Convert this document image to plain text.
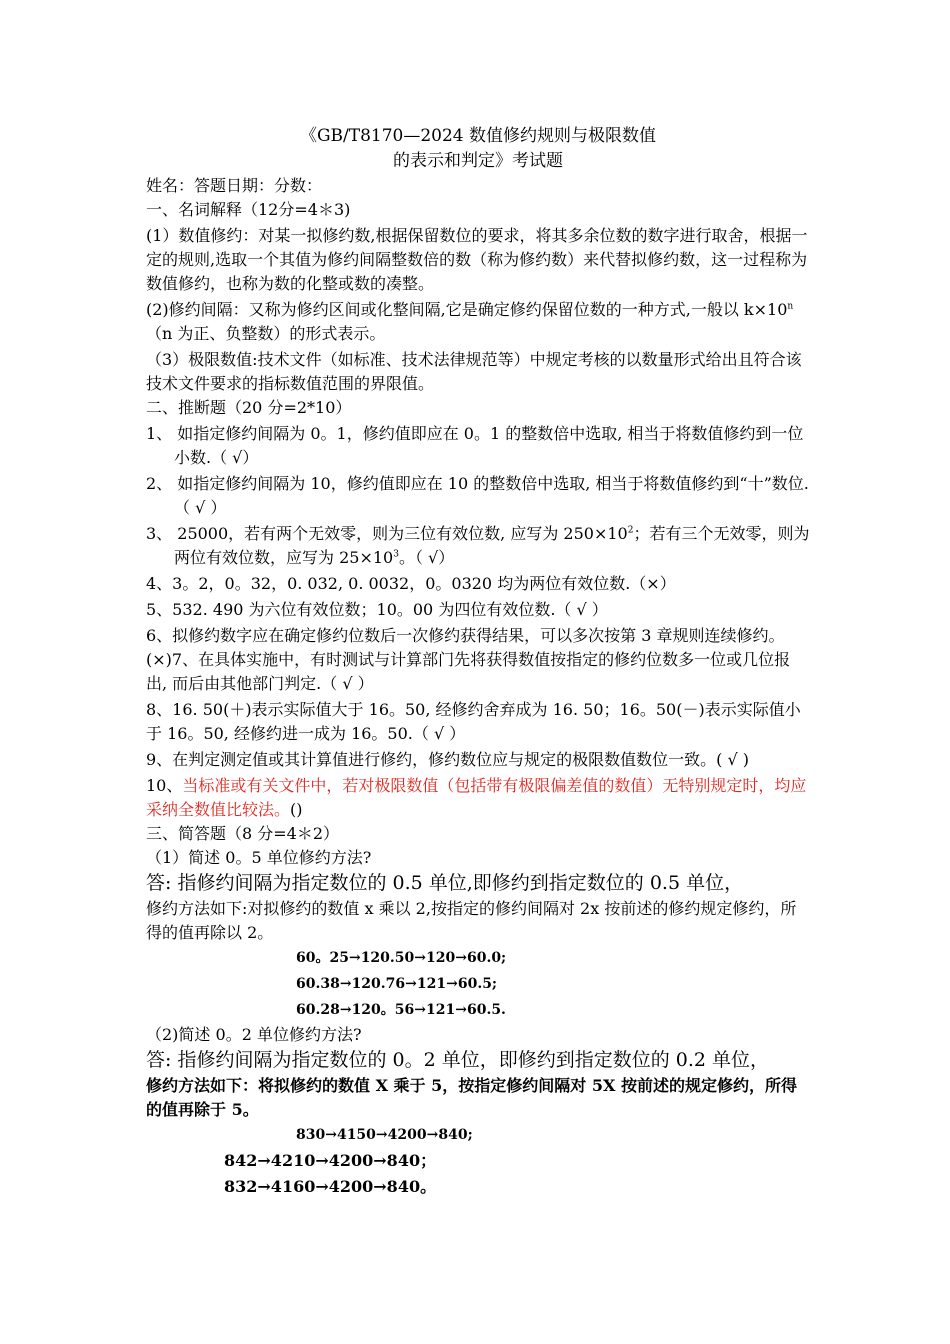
《GB/T8170—2024 数值修约规则与极限数值
的表示和判定》考试题

姓名：答题日期：分数：

一、名词解释（12分=4＊3)

(1）数值修约：对某一拟修约数,根据保留数位的要求，将其多余位数的数字进行取舍，根据一定的规则,选取一个其值为修约间隔整数倍的数（称为修约数）来代替拟修约数，这一过程称为数值修约，也称为数的化整或数的凑整。

(2)修约间隔：又称为修约区间或化整间隔,它是确定修约保留位数的一种方式,一般以 $k\times 10^n(n$ 为正、负整数）的形式表示。

（3）极限数值:技术文件（如标准、技术法律规范等）中规定考核的以数量形式给出且符合该技术文件要求的指标数值范围的界限值。

二、推断题（20 分=2*10）

1、 如指定修约间隔为 0。1，修约值即应在 0。1 的整数倍中选取, 相当于将数值修约到一位小数.（ √）

2、 如指定修约间隔为 10，修约值即应在 10 的整数倍中选取, 相当于将数值修约到“十”数位.（ √ ）

3、 25000，若有两个无效零，则为三位有效位数, 应写为 $250\times 10^2$；若有三个无效零，则为两位有效位数，应写为 $25\times 10^3$。（ √）

4、3。2，0。32，0. 032, 0. 0032，0。0320 均为两位有效位数.（×）

5、532. 490 为六位有效位数；10。00 为四位有效位数.（ √ ）

6、拟修约数字应在确定修约位数后一次修约获得结果，可以多次按第 3 章规则连续修约。(×)7、在具体实施中，有时测试与计算部门先将获得数值按指定的修约位数多一位或几位报出, 而后由其他部门判定.（ √ ）

8、16. 50(＋)表示实际值大于 16。50, 经修约舍弃成为 16. 50；16。50(－)表示实际值小于 16。50, 经修约进一成为 16。50.（ √ ）

9、在判定测定值或其计算值进行修约，修约数位应与规定的极限数值数位一致。( √ )

10、当标准或有关文件中，若对极限数值（包括带有极限偏差值的数值）无特别规定时，均应采纳全数值比较法。()

三、简答题（8 分=4＊2）

（1）简述 0。5 单位修约方法?

答: 指修约间隔为指定数位的 0.5 单位,即修约到指定数位的 0.5 单位，

修约方法如下:对拟修约的数值 x 乘以 2,按指定的修约间隔对 2x 按前述的修约规定修约，所得的值再除以 2。

60。25→120.50→120→60.0;

60.38→120.76→121→60.5;

60.28→120。56→121→60.5.

（2)简述 0。2 单位修约方法?

答: 指修约间隔为指定数位的 0。2 单位，即修约到指定数位的 0.2 单位，

修约方法如下：将拟修约的数值 X 乘于 5，按指定修约间隔对 5X 按前述的规定修约，所得的值再除于 5。

830→4150→4200→840;

842→4210→4200→840；

832→4160→4200→840。
